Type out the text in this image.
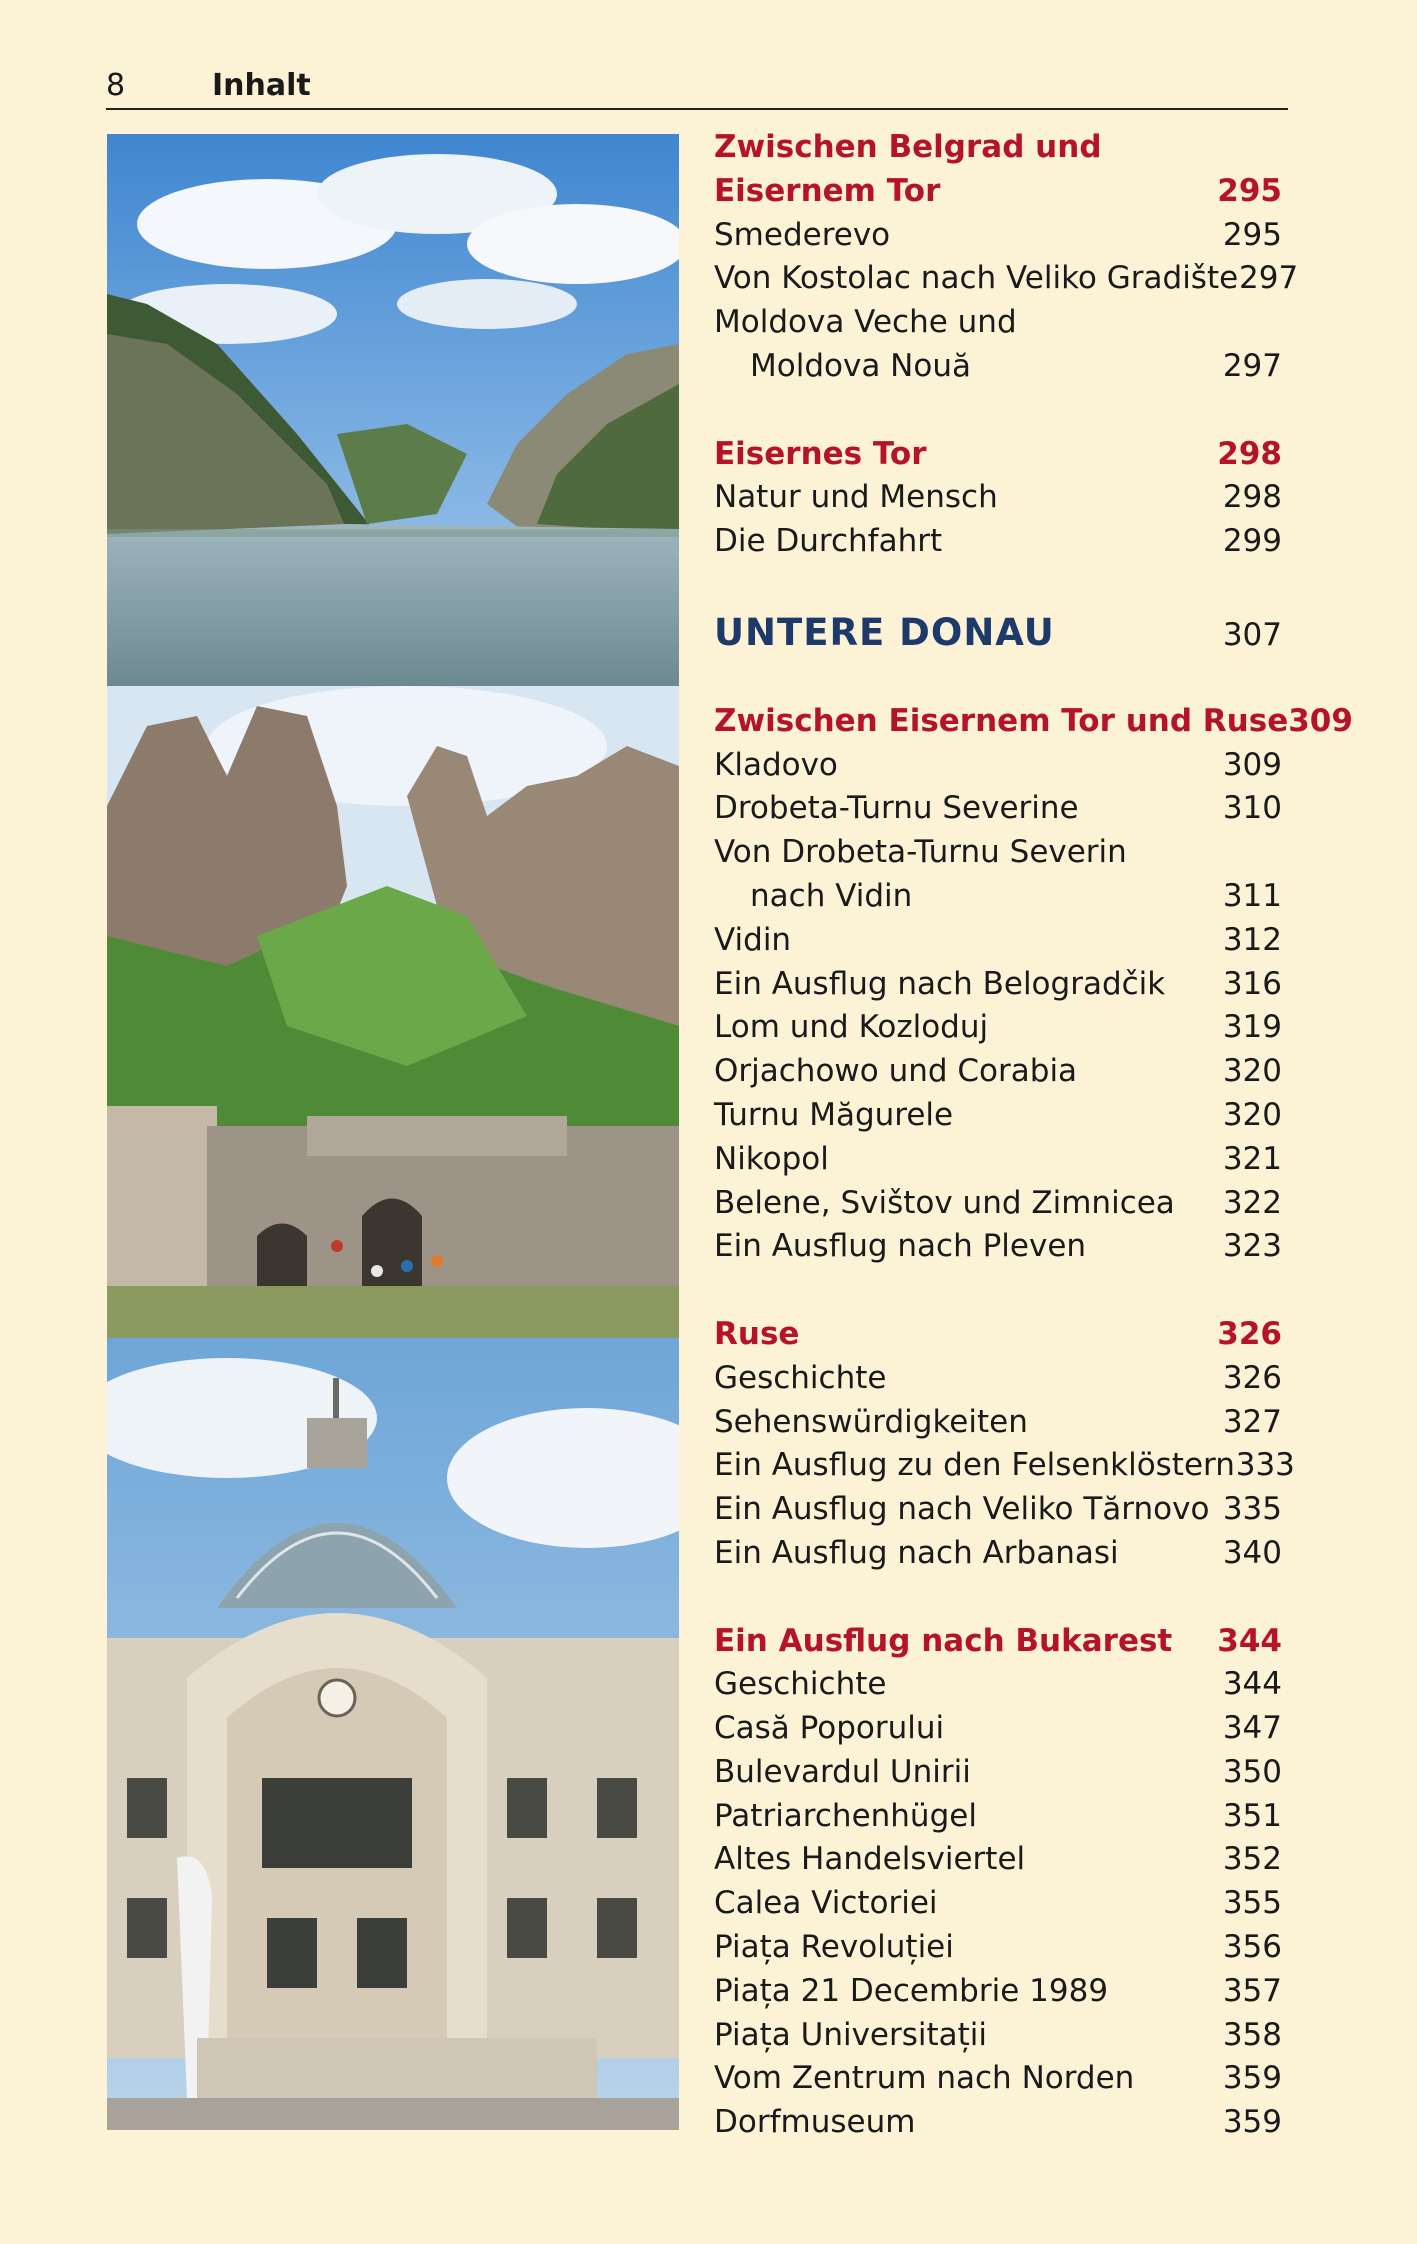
8	Inhalt
Zwischen Belgrad und
Eisernem Tor	295
Smederevo	295
Von Kostolac nach Veliko Gradište 297
Moldova Veche und
Moldova Nouă	297
Eisernes Tor	298
Natur und Mensch	298
Die Durchfahrt	299
UNTERE DONAU	307
Zwischen Eisernem Tor und Ruse 309
Kladovo	309
Drobeta-Turnu Severine	310
Von Drobeta-Turnu Severin
nach Vidin	311
Vidin	312
Ein Ausflug nach Belogradčik	316
Lom und Kozloduj	319
Orjachowo und Corabia	320
Turnu Măgurele	320
Nikopol	321
Belene, Svištov und Zimnicea	322
Ein Ausflug nach Pleven	323
Ruse	326
Geschichte	326
Sehenswürdigkeiten	327
Ein Ausflug zu den Felsenklöstern 333
Ein Ausflug nach Veliko Tărnovo 335
Ein Ausflug nach Arbanasi	340
Ein Ausflug nach Bukarest	344
Geschichte	344
Casă Poporului	347
Bulevardul Unirii	350
Patriarchenhügel	351
Altes Handelsviertel	352
Calea Victoriei	355
Piața Revoluției	356
Piața 21 Decembrie 1989	357
Piața Universitații	358
Vom Zentrum nach Norden	359
Dorfmuseum	359
